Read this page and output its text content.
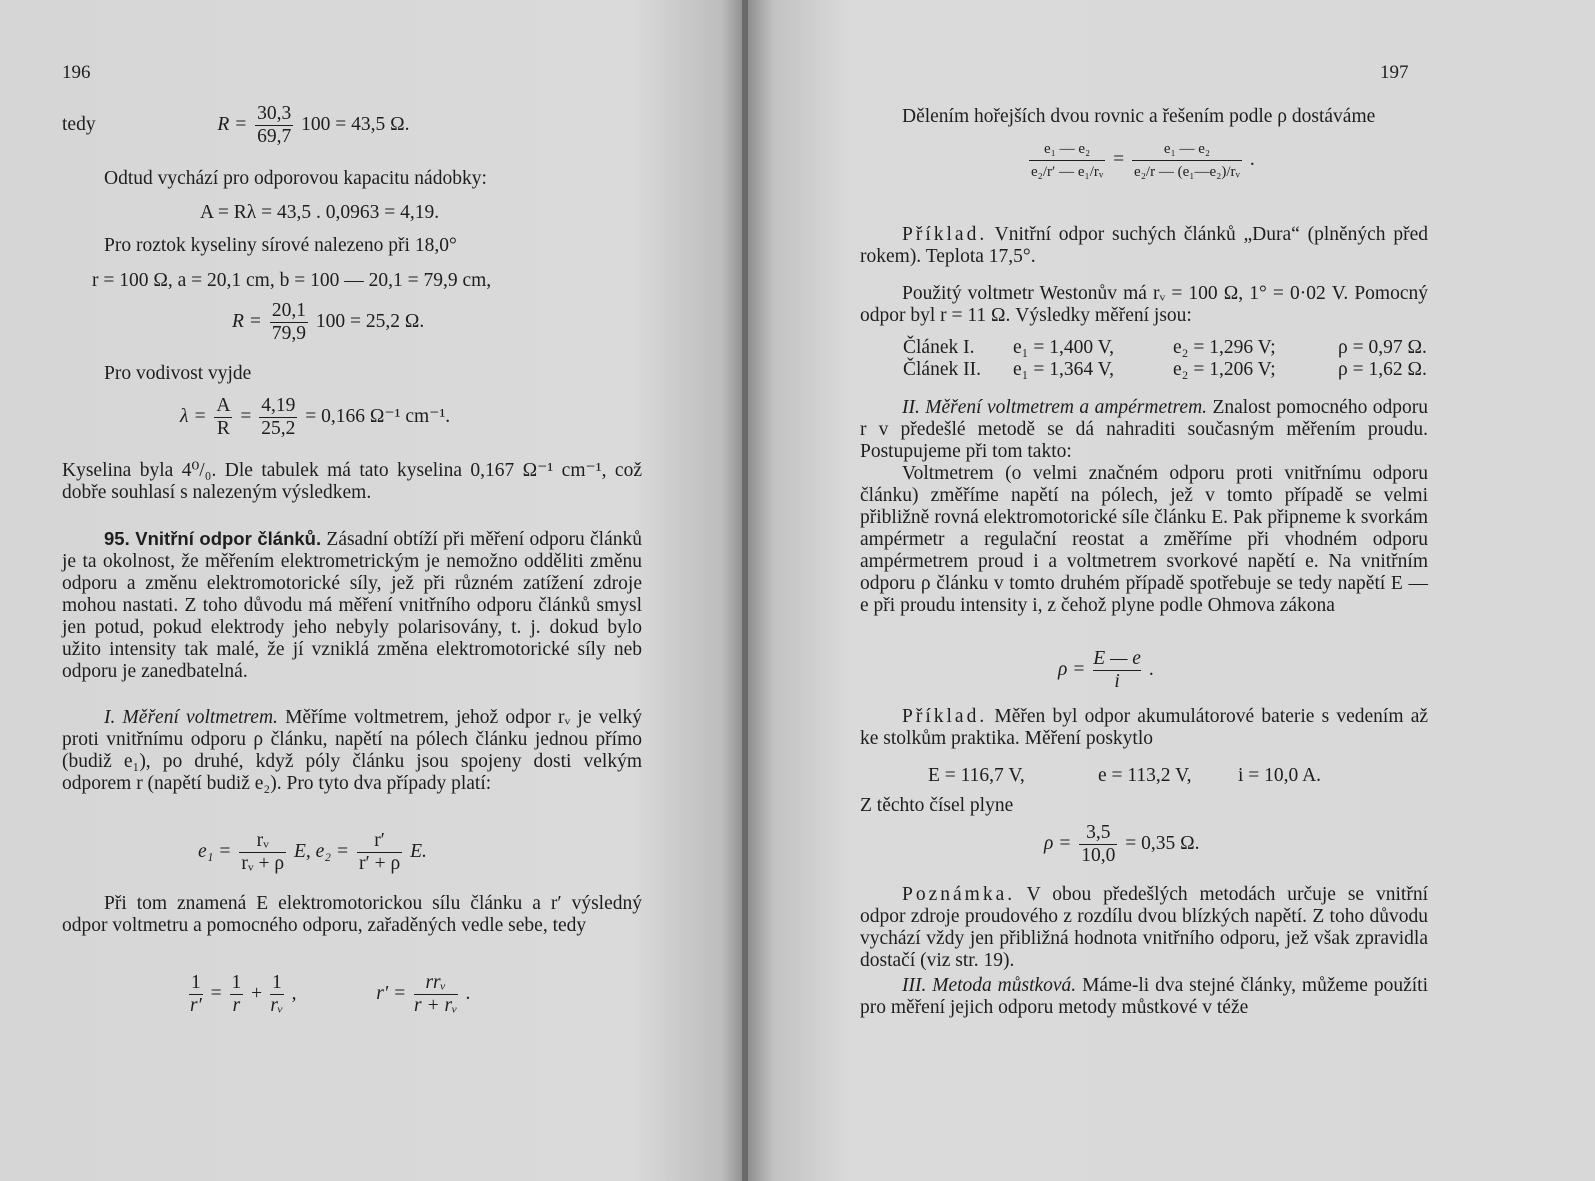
196
tedy	$R = \frac{30,3}{69,7} 100 = 43,5$ Ω.

Odtud vychází pro odporovou kapacitu nádobky:

A = Rλ = 43,5 . 0,0963 = 4,19.

Pro roztok kyseliny sírové nalezeno při 18,0°

r = 100 Ω, a = 20,1 cm, b = 100 — 20,1 = 79,9 cm,
$R = \frac{20,1}{79,9} 100 = 25,2$ Ω.

Pro vodivost vyjde

$\lambda = \frac{A}{R} = \frac{4,19}{25,2} = 0,166$ Ω⁻¹ cm⁻¹.

Kyselina byla 4⁰/₀. Dle tabulek má tato kyselina 0,167 Ω⁻¹ cm⁻¹, což dobře souhlasí s nalezeným výsledkem.

95. Vnitřní odpor článků. Zásadní obtíží při měření odporu článků je ta okolnost, že měřením elektrometrickým je nemožno odděliti změnu odporu a změnu elektromotorické síly, jež při různém zatížení zdroje mohou nastati. Z toho důvodu má měření vnitřního odporu článků smysl jen potud, pokud elektrody jeho nebyly polarisovány, t. j. dokud bylo užito intensity tak malé, že jí vzniklá změna elektromotorické síly neb odporu je zanedbatelná.

I. Měření voltmetrem. Měříme voltmetrem, jehož odpor rᵥ je velký proti vnitřnímu odporu ρ článku, napětí na pólech článku jednou přímo (budiž e₁), po druhé, když póly článku jsou spojeny dosti velkým odporem r (napětí budiž e₂). Pro tyto dva případy platí:

$e_1 = \frac{\text{rᵥ}}{\text{rᵥ + ρ}} E$, $e_2 = \frac{r'}{r' + \rho} E$.

Při tom znamená E elektromotorickou sílu článku a r′ výsledný odpor voltmetru a pomocného odporu, zařaděných vedle sebe, tedy

$\frac{1}{r'} = \frac{1}{r} + \frac{1}{\text{rᵥ}}$ ,	$r' = \frac{\text{rrᵥ}}{\text{r + rᵥ}}$ .
197

Dělením hořejších dvou rovnic a řešením podle ρ dostáváme

$\frac{\text{e₁ — e₂}}{\text{e₂/r′ — e₁/rᵥ}} = \frac{\text{e₁ — e₂}}{\text{e₂/r — (e₁—e₂)/rᵥ}}$ .

Příklad. Vnitřní odpor suchých článků „Dura“ (plněných před rokem). Teplota 17,5°.

Použitý voltmetr Westonův má rᵥ = 100 Ω, 1° = 0·02 V. Pomocný odpor byl r = 11 Ω. Výsledky měření jsou:

Článek I. e₁ = 1,400 V,	e₂ = 1,296 V;	ρ = 0,97 Ω.
Článek II. e₁ = 1,364 V,	e₂ = 1,206 V;	ρ = 1,62 Ω.

II. Měření voltmetrem a ampérmetrem. Znalost pomocného odporu r v předešlé metodě se dá nahraditi současným měřením proudu. Postupujeme při tom takto:

Voltmetrem (o velmi značném odporu proti vnitřnímu odporu článku) změříme napětí na pólech, jež v tomto případě se velmi přibližně rovná elektromotorické síle článku E. Pak připneme k svorkám ampérmetr a regulační reostat a změříme při vhodném odporu ampérmetrem proud i a voltmetrem svorkové napětí e. Na vnitřním odporu ρ článku v tomto druhém případě spotřebuje se tedy napětí E — e při proudu intensity i, z čehož plyne podle Ohmova zákona

$\rho = \frac{E — e}{i}$ .

Příklad. Měřen byl odpor akumulátorové baterie s vedením až ke stolkům praktika. Měření poskytlo

E = 116,7 V,	e = 113,2 V, i = 10,0 A.

Z těchto čísel plyne

$\rho = \frac{3,5}{10,0} = 0,35$ Ω.

Poznámka. V obou předešlých metodách určuje se vnitřní odpor zdroje proudového z rozdílu dvou blízkých napětí. Z toho důvodu vychází vždy jen přibližná hodnota vnitřního odporu, jež však zpravidla dostačí (viz str. 19).

III. Metoda můstková. Máme-li dva stejné články, můžeme použíti pro měření jejich odporu metody můstkové v téže
